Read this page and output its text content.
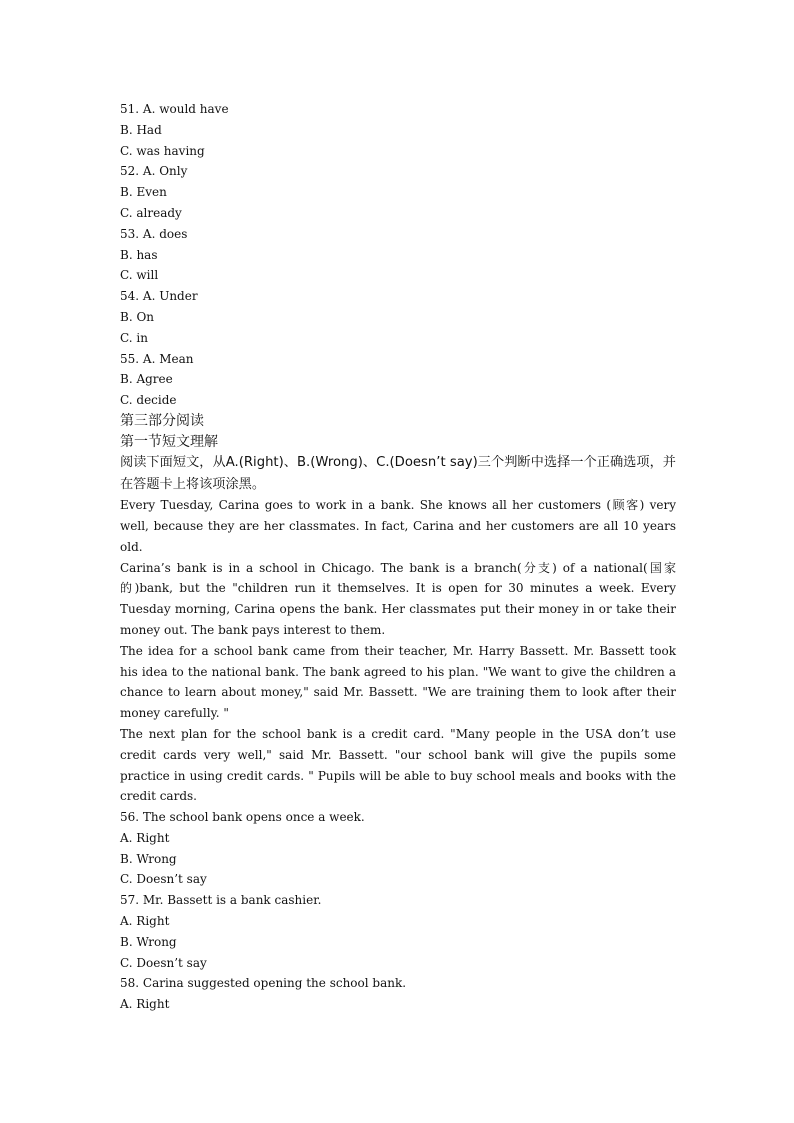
51. A. would have
B. Had
C. was having
52. A. Only
B. Even
C. already
53. A. does
B. has
C. will
54. A. Under
B. On
C. in
55. A. Mean
B. Agree
C. decide
第三部分阅读
第一节短文理解

阅读下面短文，从A.(Right)、B.(Wrong)、C.(Doesn’t say)三个判断中选择一个正确选项，并在答题卡上将该项涂黑。

Every Tuesday, Carina goes to work in a bank. She knows all her customers (顾客) very well, because they are her classmates. In fact, Carina and her customers are all 10 years old.

Carina’s bank is in a school in Chicago. The bank is a branch(分支) of a national(国家的)bank, but the "children run it themselves. It is open for 30 minutes a week. Every Tuesday morning, Carina opens the bank. Her classmates put their money in or take their money out. The bank pays interest to them.

The idea for a school bank came from their teacher, Mr. Harry Bassett. Mr. Bassett took his idea to the national bank. The bank agreed to his plan. "We want to give the children a chance to learn about money," said Mr. Bassett. "We are training them to look after their money carefully. "

The next plan for the school bank is a credit card. "Many people in the USA don’t use credit cards very well," said Mr. Bassett. "our school bank will give the pupils some practice in using credit cards. " Pupils will be able to buy school meals and books with the credit cards.

56. The school bank opens once a week.
A. Right
B. Wrong
C. Doesn’t say
57. Mr. Bassett is a bank cashier.
A. Right
B. Wrong
C. Doesn’t say
58. Carina suggested opening the school bank.
A. Right
